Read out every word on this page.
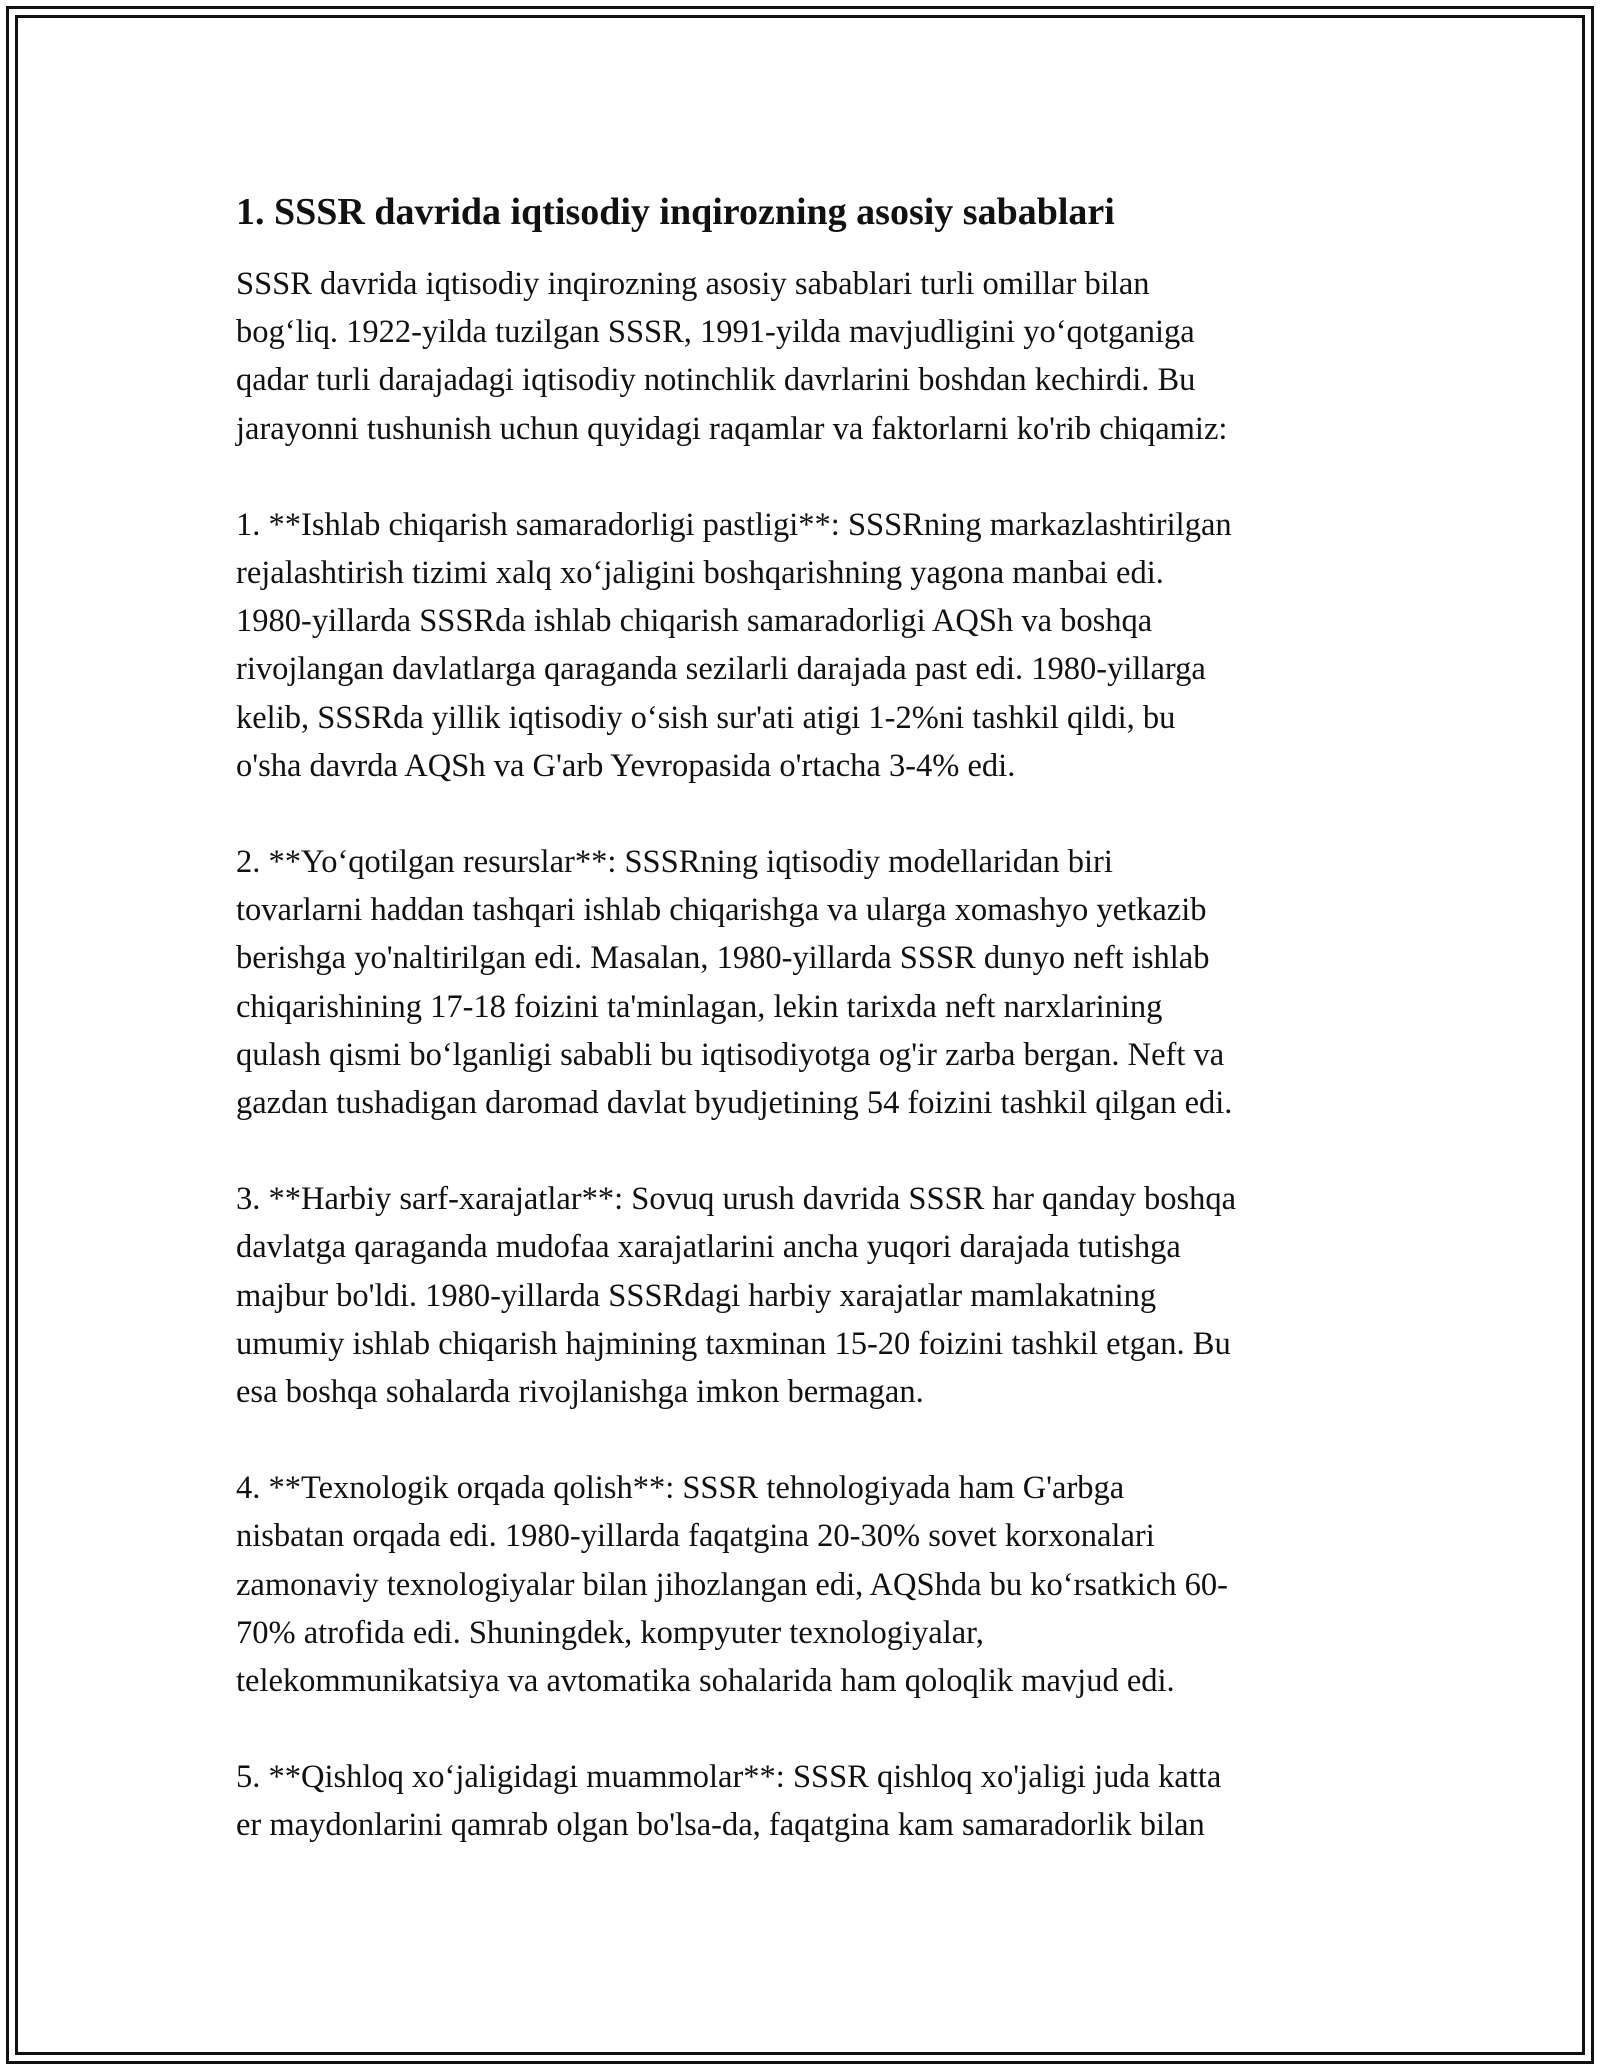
1. SSSR davrida iqtisodiy inqirozning asosiy sabablari

SSSR davrida iqtisodiy inqirozning asosiy sabablari turli omillar bilan
bog‘liq. 1922-yilda tuzilgan SSSR, 1991-yilda mavjudligini yo‘qotganiga
qadar turli darajadagi iqtisodiy notinchlik davrlarini boshdan kechirdi. Bu
jarayonni tushunish uchun quyidagi raqamlar va faktorlarni ko'rib chiqamiz:

1. **Ishlab chiqarish samaradorligi pastligi**: SSSRning markazlashtirilgan
rejalashtirish tizimi xalq xo‘jaligini boshqarishning yagona manbai edi.
1980-yillarda SSSRda ishlab chiqarish samaradorligi AQSh va boshqa
rivojlangan davlatlarga qaraganda sezilarli darajada past edi. 1980-yillarga
kelib, SSSRda yillik iqtisodiy o‘sish sur'ati atigi 1-2%ni tashkil qildi, bu
o'sha davrda AQSh va G'arb Yevropasida o'rtacha 3-4% edi.

2. **Yo‘qotilgan resurslar**: SSSRning iqtisodiy modellaridan biri
tovarlarni haddan tashqari ishlab chiqarishga va ularga xomashyo yetkazib
berishga yo'naltirilgan edi. Masalan, 1980-yillarda SSSR dunyo neft ishlab
chiqarishining 17-18 foizini ta'minlagan, lekin tarixda neft narxlarining
qulash qismi bo‘lganligi sababli bu iqtisodiyotga og'ir zarba bergan. Neft va
gazdan tushadigan daromad davlat byudjetining 54 foizini tashkil qilgan edi.

3. **Harbiy sarf-xarajatlar**: Sovuq urush davrida SSSR har qanday boshqa
davlatga qaraganda mudofaa xarajatlarini ancha yuqori darajada tutishga
majbur bo'ldi. 1980-yillarda SSSRdagi harbiy xarajatlar mamlakatning
umumiy ishlab chiqarish hajmining taxminan 15-20 foizini tashkil etgan. Bu
esa boshqa sohalarda rivojlanishga imkon bermagan.

4. **Texnologik orqada qolish**: SSSR tehnologiyada ham G'arbga
nisbatan orqada edi. 1980-yillarda faqatgina 20-30% sovet korxonalari
zamonaviy texnologiyalar bilan jihozlangan edi, AQShda bu ko‘rsatkich 60-
70% atrofida edi. Shuningdek, kompyuter texnologiyalar,
telekommunikatsiya va avtomatika sohalarida ham qoloqlik mavjud edi.

5. **Qishloq xo‘jaligidagi muammolar**: SSSR qishloq xo'jaligi juda katta
er maydonlarini qamrab olgan bo'lsa-da, faqatgina kam samaradorlik bilan
